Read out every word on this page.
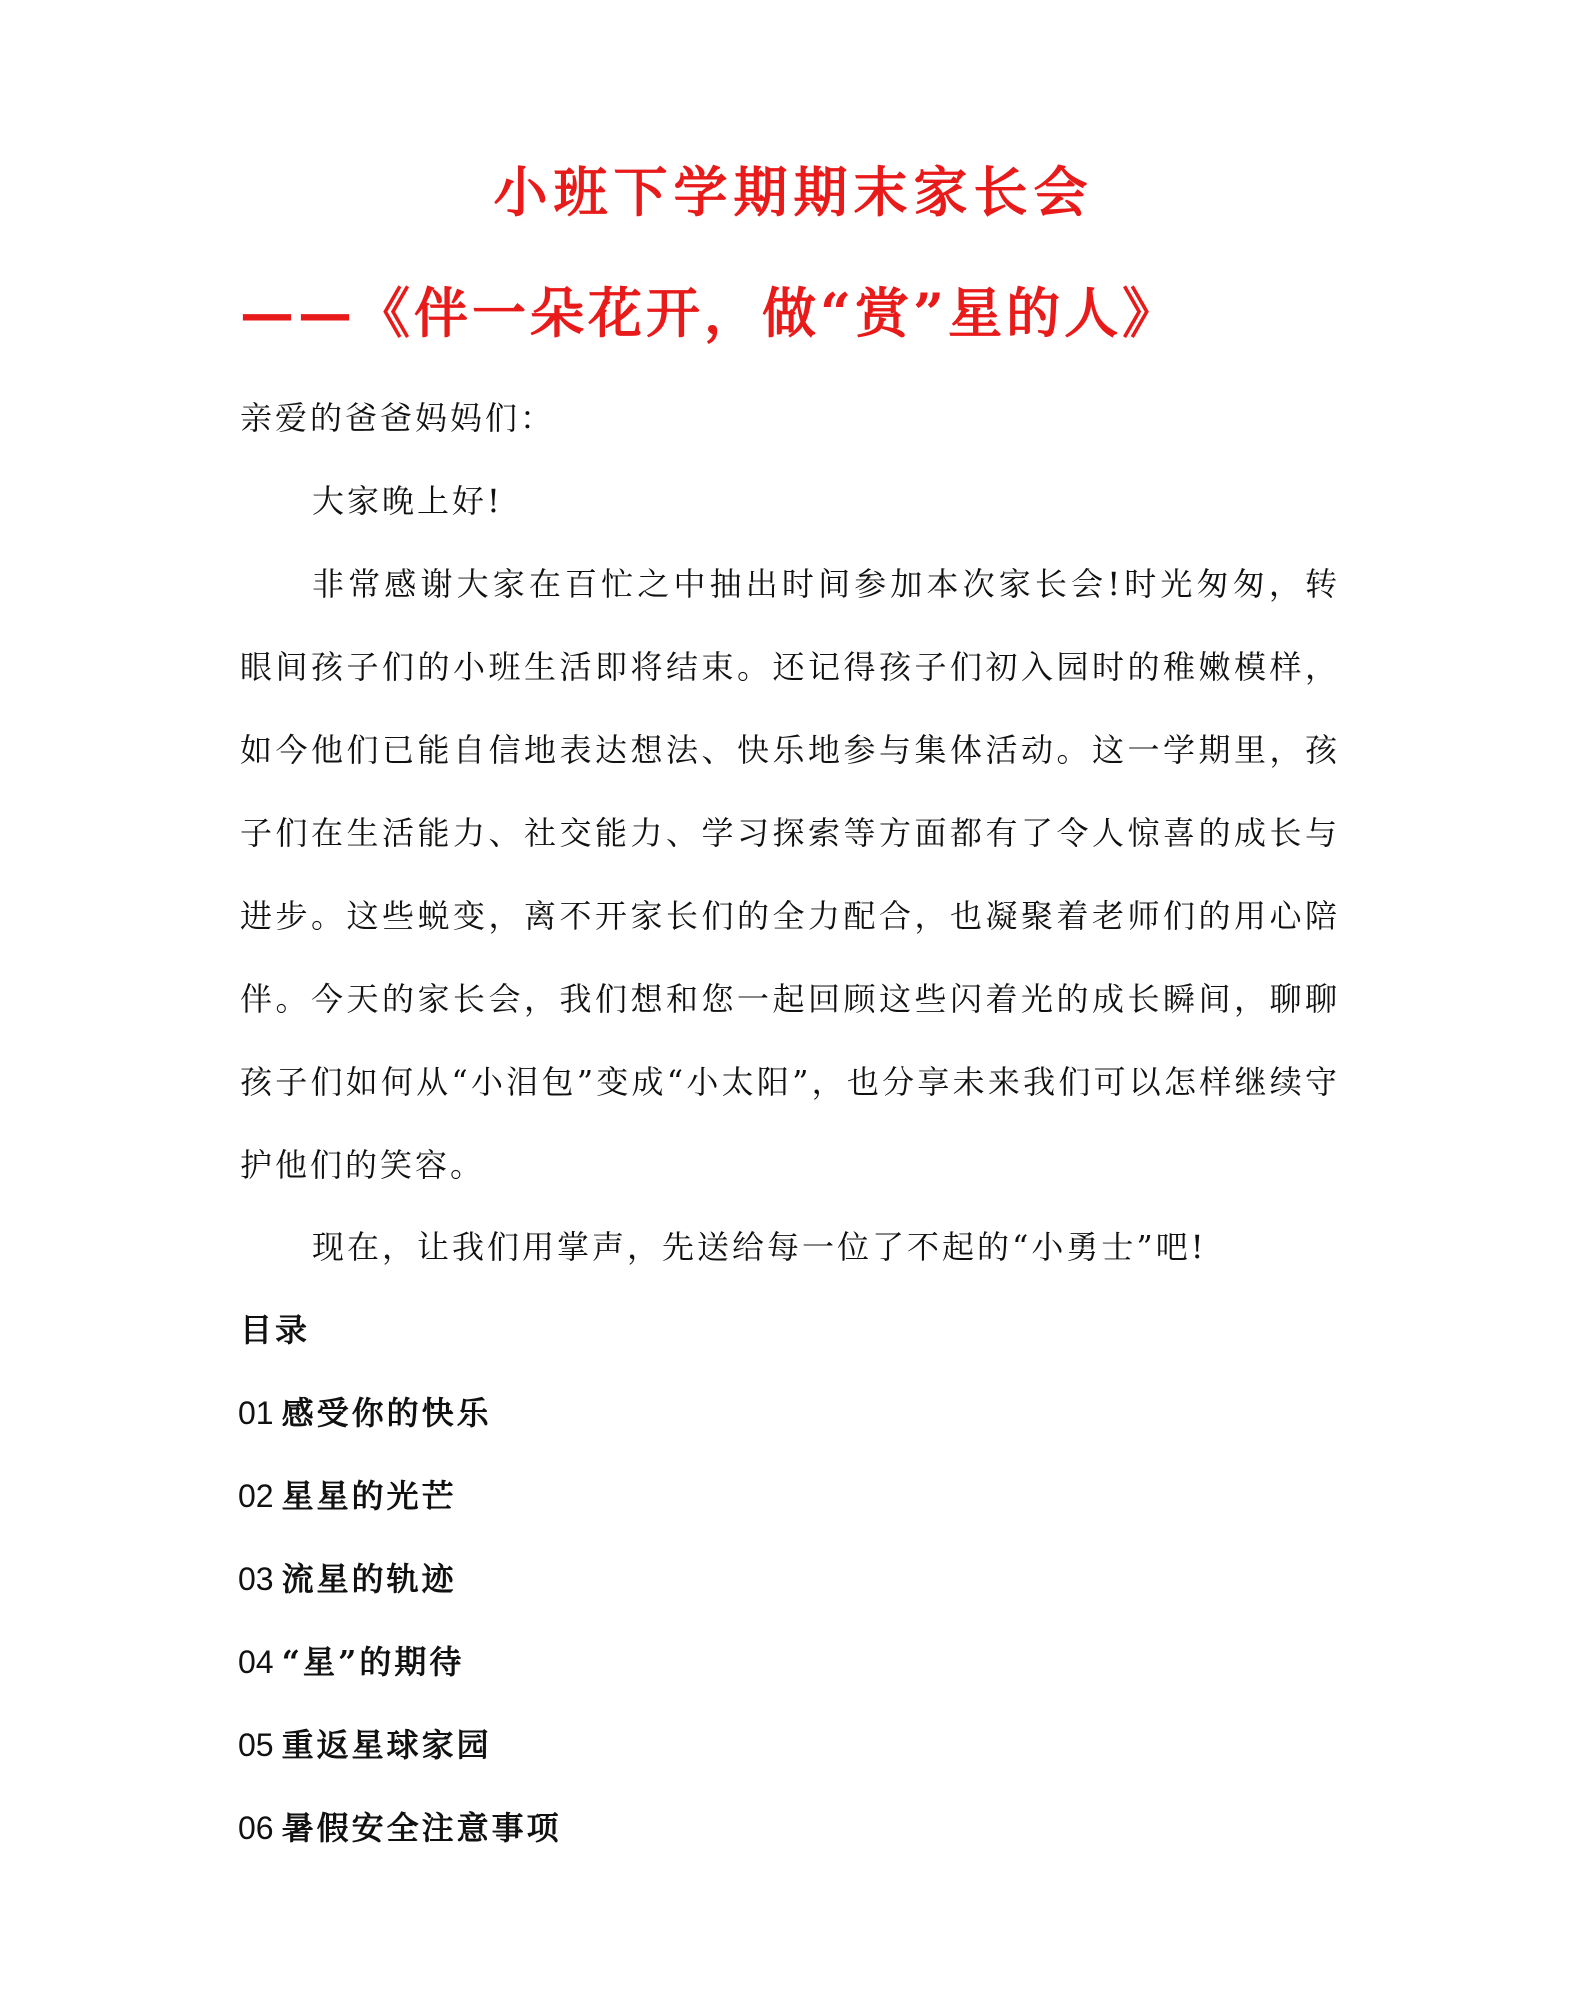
小班下学期期末家长会
——《伴一朵花开，做“赏”星的人》

亲爱的爸爸妈妈们：

大家晚上好!

非常感谢大家在百忙之中抽出时间参加本次家长会!时光匆匆，转眼间孩子们的小班生活即将结束。还记得孩子们初入园时的稚嫩模样，如今他们已能自信地表达想法、快乐地参与集体活动。这一学期里，孩子们在生活能力、社交能力、学习探索等方面都有了令人惊喜的成长与进步。这些蜕变，离不开家长们的全力配合，也凝聚着老师们的用心陪伴。今天的家长会，我们想和您一起回顾这些闪着光的成长瞬间，聊聊孩子们如何从“小泪包”变成“小太阳”，也分享未来我们可以怎样继续守护他们的笑容。

现在，让我们用掌声，先送给每一位了不起的“小勇士”吧!

目录
01 感受你的快乐
02 星星的光芒
03 流星的轨迹
04 “星”的期待
05 重返星球家园
06 暑假安全注意事项
